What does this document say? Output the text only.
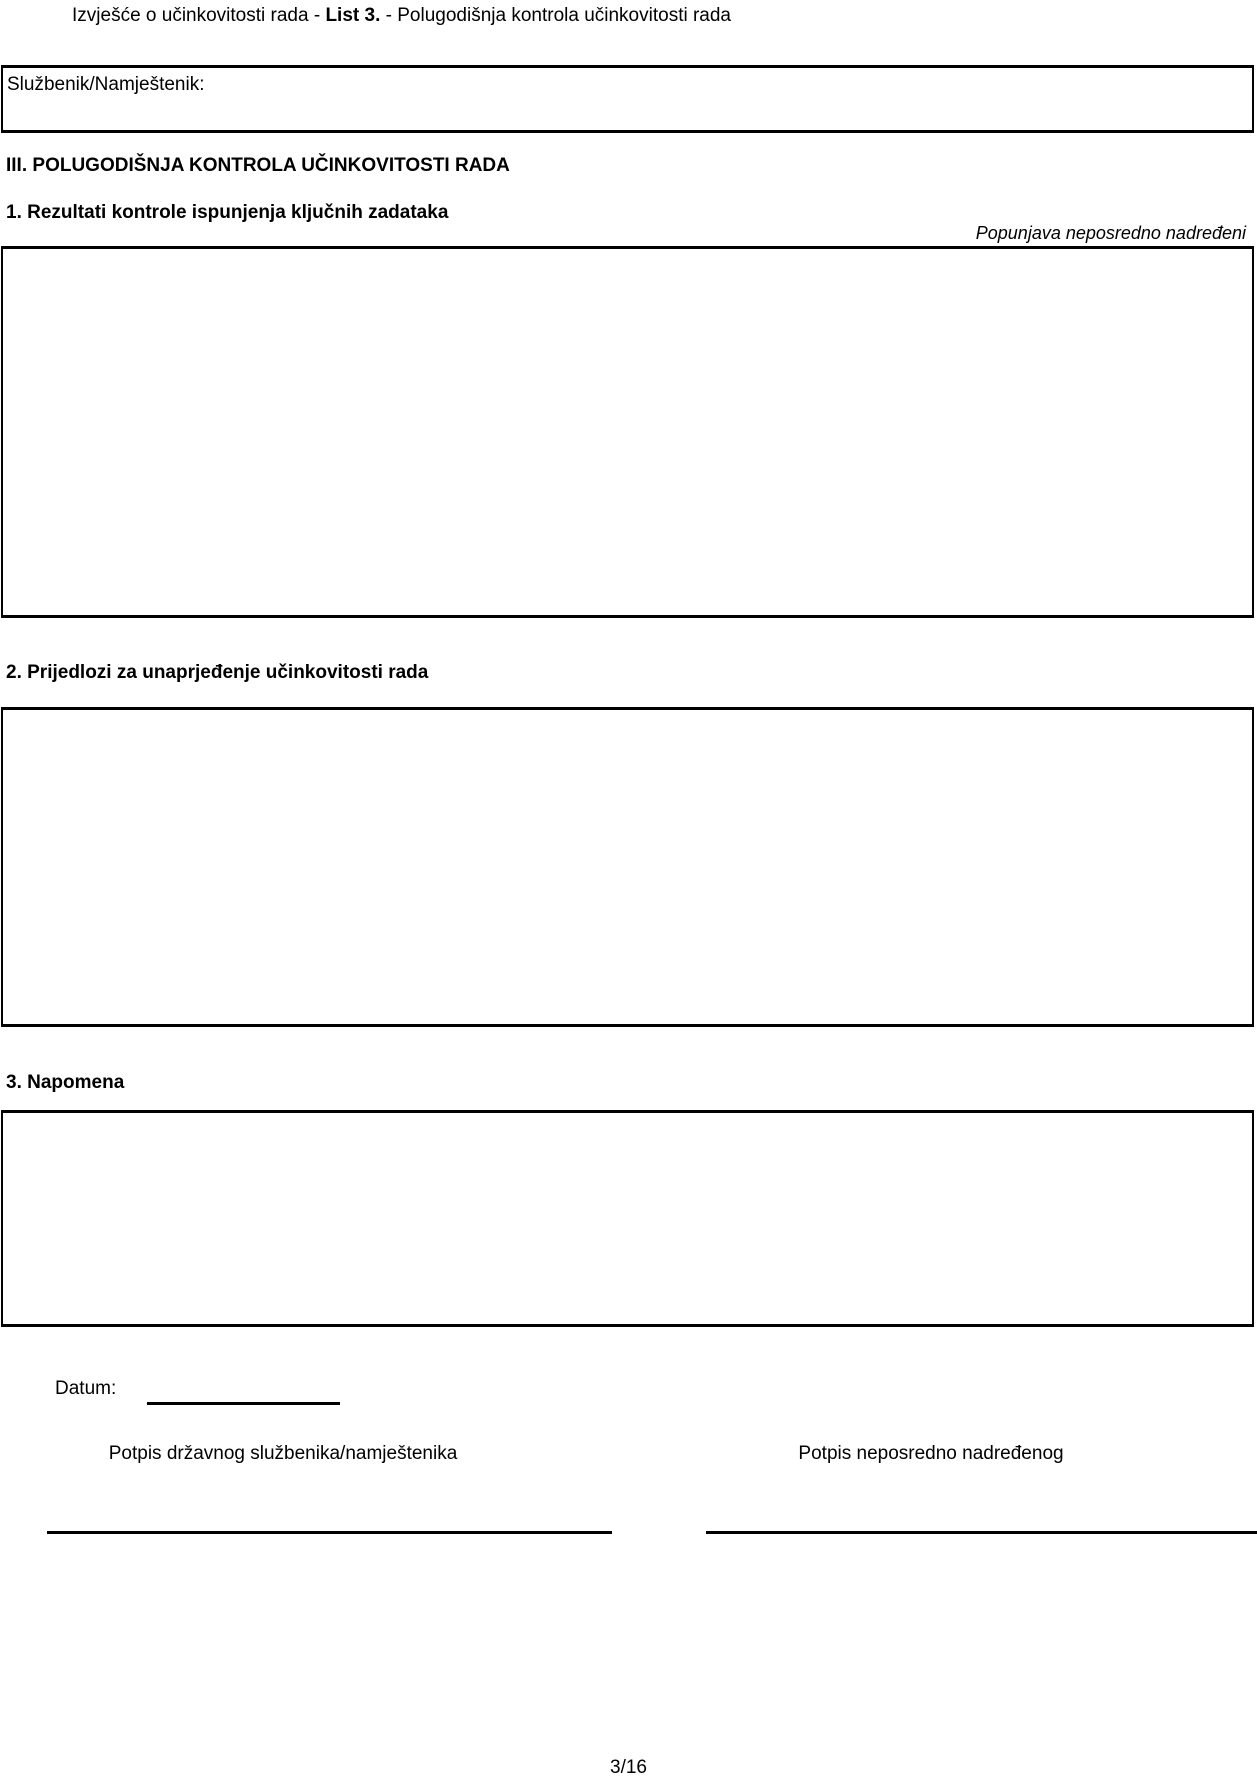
Izvješće o učinkovitosti rada - List 3. - Polugodišnja kontrola učinkovitosti rada
Službenik/Namještenik:
III. POLUGODIŠNJA KONTROLA UČINKOVITOSTI RADA
1. Rezultati kontrole ispunjenja ključnih zadataka
Popunjava neposredno nadređeni
2. Prijedlozi za unaprjeđenje učinkovitosti rada
3. Napomena
Datum:
Potpis državnog službenika/namještenika	Potpis neposredno nadređenog
3/16
